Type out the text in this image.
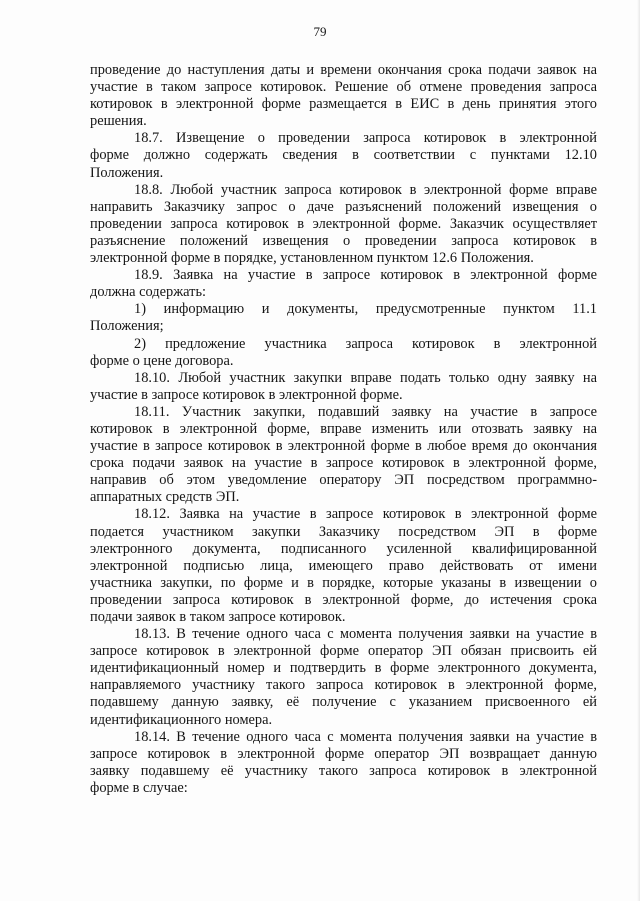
79

проведение до наступления даты и времени окончания срока подачи заявок на
участие в таком запросе котировок. Решение об отмене проведения запроса
котировок в электронной форме размещается в ЕИС в день принятия этого
решения.

18.7. Извещение о проведении запроса котировок в электронной
форме должно содержать сведения в соответствии с пунктами 12.10
Положения.

18.8. Любой участник запроса котировок в электронной форме вправе
направить Заказчику запрос о даче разъяснений положений извещения о
проведении запроса котировок в электронной форме. Заказчик осуществляет
разъяснение положений извещения о проведении запроса котировок в
электронной форме в порядке, установленном пунктом 12.6 Положения.

18.9. Заявка на участие в запросе котировок в электронной форме
должна содержать:

1) информацию и документы, предусмотренные пунктом 11.1
Положения;

2) предложение участника запроса котировок в электронной
форме о цене договора.

18.10. Любой участник закупки вправе подать только одну заявку на
участие в запросе котировок в электронной форме.

18.11. Участник закупки, подавший заявку на участие в запросе
котировок в электронной форме, вправе изменить или отозвать заявку на
участие в запросе котировок в электронной форме в любое время до окончания
срока подачи заявок на участие в запросе котировок в электронной форме,
направив об этом уведомление оператору ЭП посредством программно-
аппаратных средств ЭП.

18.12. Заявка на участие в запросе котировок в электронной форме
подается участником закупки Заказчику посредством ЭП в форме
электронного документа, подписанного усиленной квалифицированной
электронной подписью лица, имеющего право действовать от имени
участника закупки, по форме и в порядке, которые указаны в извещении о
проведении запроса котировок в электронной форме, до истечения срока
подачи заявок в таком запросе котировок.

18.13. В течение одного часа с момента получения заявки на участие в
запросе котировок в электронной форме оператор ЭП обязан присвоить ей
идентификационный номер и подтвердить в форме электронного документа,
направляемого участнику такого запроса котировок в электронной форме,
подавшему данную заявку, её получение с указанием присвоенного ей
идентификационного номера.

18.14. В течение одного часа с момента получения заявки на участие в
запросе котировок в электронной форме оператор ЭП возвращает данную
заявку подавшему её участнику такого запроса котировок в электронной
форме в случае:
